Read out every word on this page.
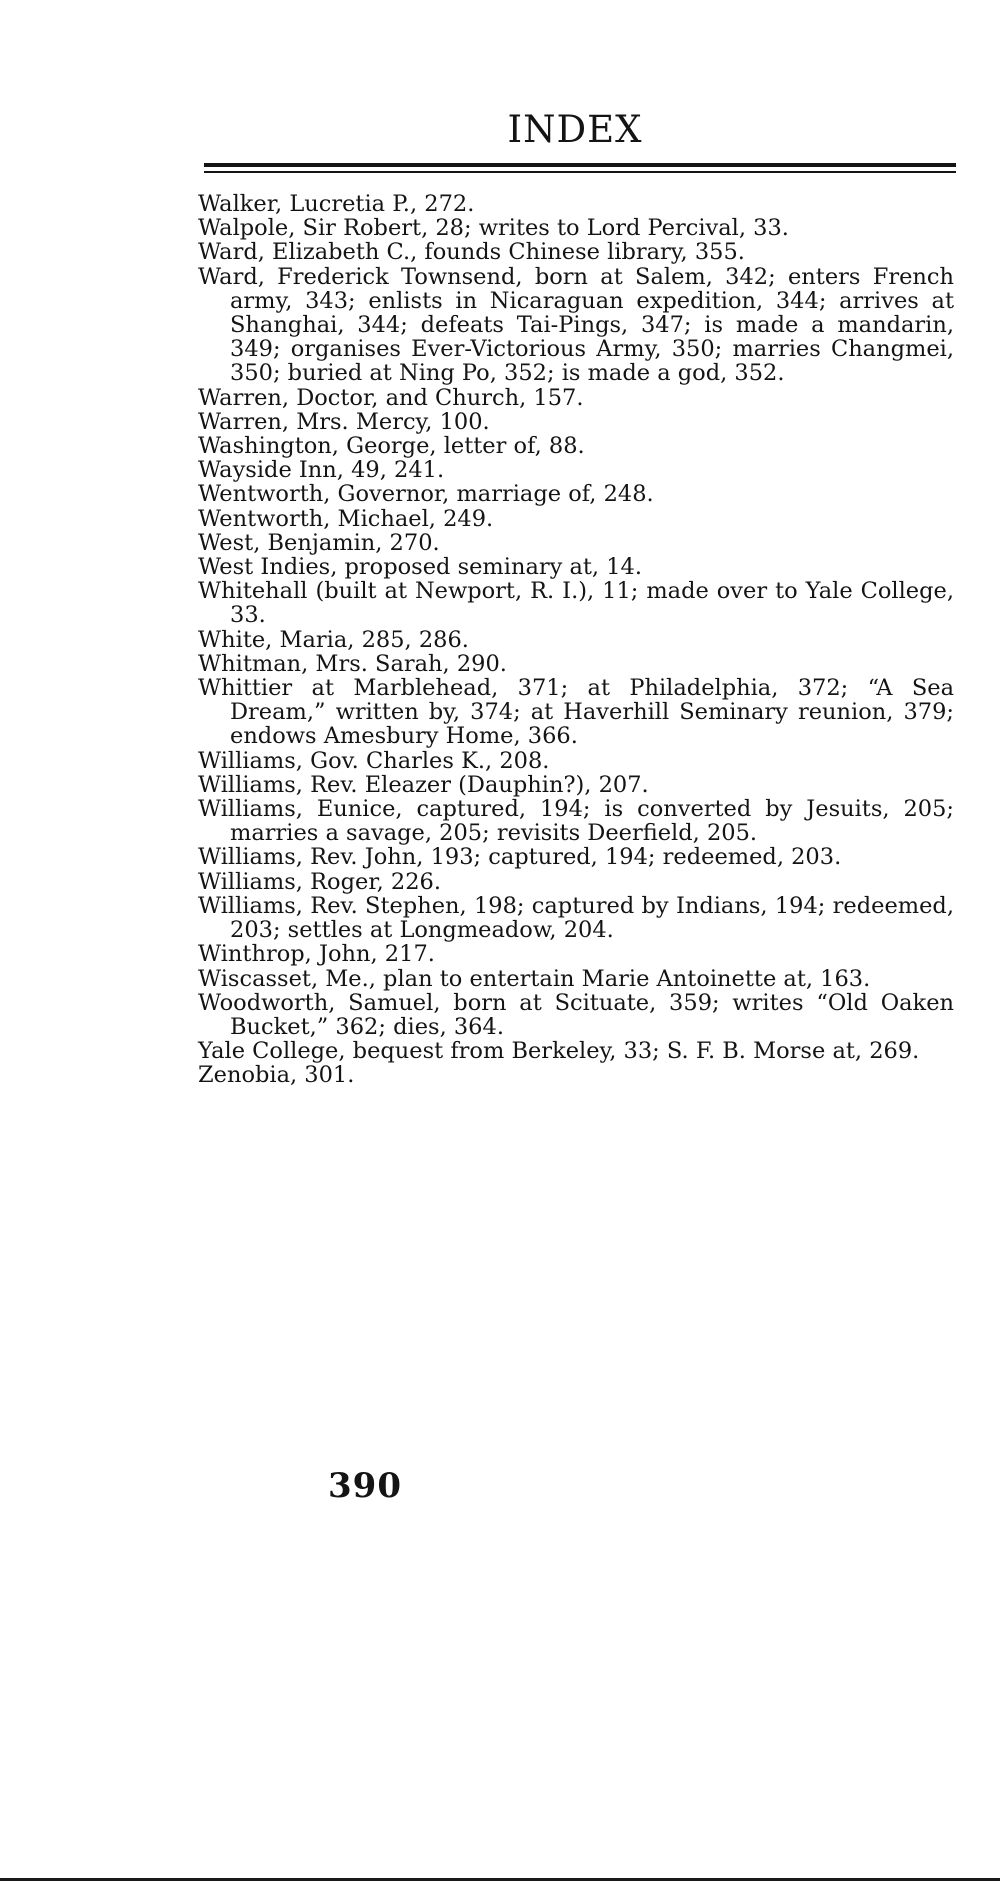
INDEX
Walker, Lucretia P., 272.
Walpole, Sir Robert, 28; writes to Lord Percival, 33.
Ward, Elizabeth C., founds Chinese library, 355.
Ward, Frederick Townsend, born at Salem, 342; enters French army, 343; enlists in Nicaraguan expedition, 344; arrives at Shanghai, 344; defeats Tai-Pings, 347; is made a mandarin, 349; organises Ever-Victorious Army, 350; marries Changmei, 350; buried at Ning Po, 352; is made a god, 352.
Warren, Doctor, and Church, 157.
Warren, Mrs. Mercy, 100.
Washington, George, letter of, 88.
Wayside Inn, 49, 241.
Wentworth, Governor, marriage of, 248.
Wentworth, Michael, 249.
West, Benjamin, 270.
West Indies, proposed seminary at, 14.
Whitehall (built at Newport, R. I.), 11; made over to Yale College, 33.
White, Maria, 285, 286.
Whitman, Mrs. Sarah, 290.
Whittier at Marblehead, 371; at Philadelphia, 372; “A Sea Dream,” written by, 374; at Haverhill Seminary reunion, 379; endows Amesbury Home, 366.
Williams, Gov. Charles K., 208.
Williams, Rev. Eleazer (Dauphin?), 207.
Williams, Eunice, captured, 194; is converted by Jesuits, 205; marries a savage, 205; revisits Deerfield, 205.
Williams, Rev. John, 193; captured, 194; redeemed, 203.
Williams, Roger, 226.
Williams, Rev. Stephen, 198; captured by Indians, 194; redeemed, 203; settles at Longmeadow, 204.
Winthrop, John, 217.
Wiscasset, Me., plan to entertain Marie Antoinette at, 163.
Woodworth, Samuel, born at Scituate, 359; writes “Old Oaken Bucket,” 362; dies, 364.
Yale College, bequest from Berkeley, 33; S. F. B. Morse at, 269.
Zenobia, 301.
390
